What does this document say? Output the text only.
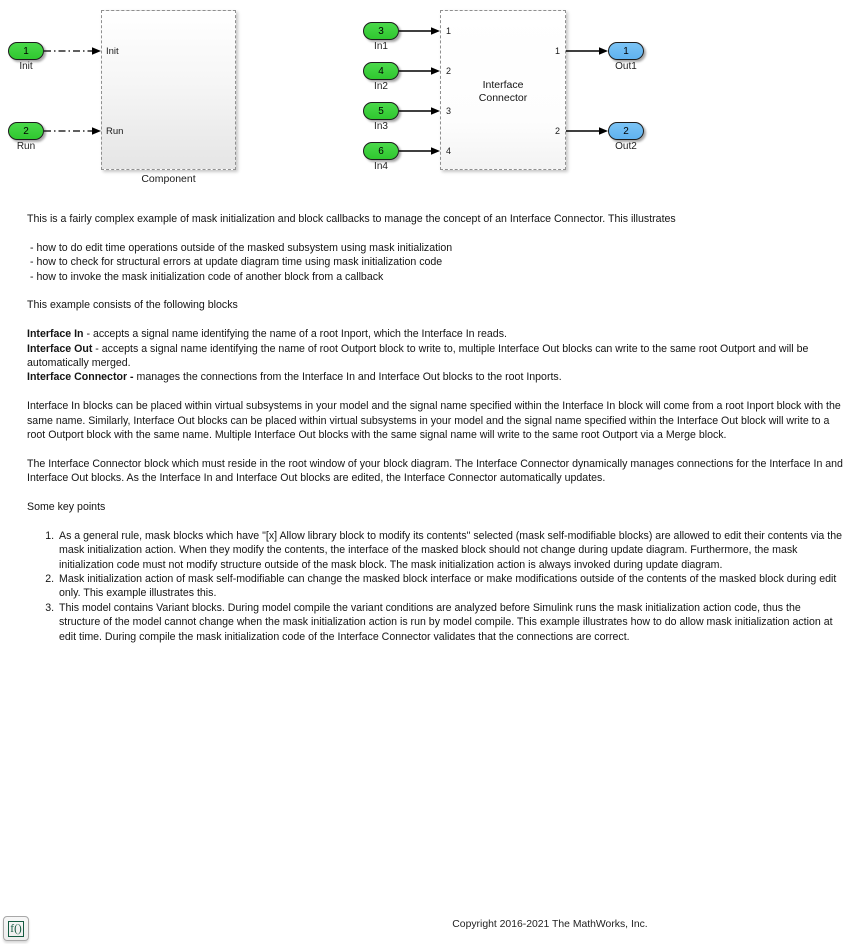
Init
Run
Component
Interface
Connector
1
2
3
4
1
2
1
Init
2
Run
3
In1
4
In2
5
In3
6
In4
1
Out1
2
Out2

This is a fairly complex example of mask initialization and block callbacks to manage the concept of an Interface Connector. This illustrates

- how to do edit time operations outside of the masked subsystem using mask initialization
- how to check for structural errors at update diagram time using mask initialization code
- how to invoke the mask initialization code of another block from a callback

This example consists of the following blocks

Interface In - accepts a signal name identifying the name of a root Inport, which the Interface In reads.
Interface Out - accepts a signal name identifying the name of root Outport block to write to, multiple Interface Out blocks can write to the same root Outport and will be automatically merged.
Interface Connector - manages the connections from the Interface In and Interface Out blocks to the root Inports.

Interface In blocks can be placed within virtual subsystems in your model and the signal name specified within the Interface In block will come from a root Inport block with the same name. Similarly, Interface Out blocks can be placed within virtual subsystems in your model and the signal name specified within the Interface Out block will write to a root Outport block with the same name. Multiple Interface Out blocks with the same signal name will write to the same root Outport via a Merge block.

The Interface Connector block which must reside in the root window of your block diagram. The Interface Connector dynamically manages connections for the Interface In and Interface Out blocks. As the Interface In and Interface Out blocks are edited, the Interface Connector automatically updates.

Some key points

1. As a general rule, mask blocks which have "[x] Allow library block to modify its contents" selected (mask self-modifiable blocks) are allowed to edit their contents via the mask initialization action. When they modify the contents, the interface of the masked block should not change during update diagram. Furthermore, the mask initialization code must not modify structure outside of the mask block. The mask initialization action is always invoked during update diagram.
2. Mask initialization action of mask self-modifiable can change the masked block interface or make modifications outside of the contents of the masked block during edit only. This example illustrates this.
3. This model contains Variant blocks. During model compile the variant conditions are analyzed before Simulink runs the mask initialization action code, thus the structure of the model cannot change when the mask initialization action is run by model compile. This example illustrates how to do allow mask initialization action at edit time. During compile the mask initialization code of the Interface Connector validates that the connections are correct.
f()	Copyright 2016-2021 The MathWorks, Inc.
